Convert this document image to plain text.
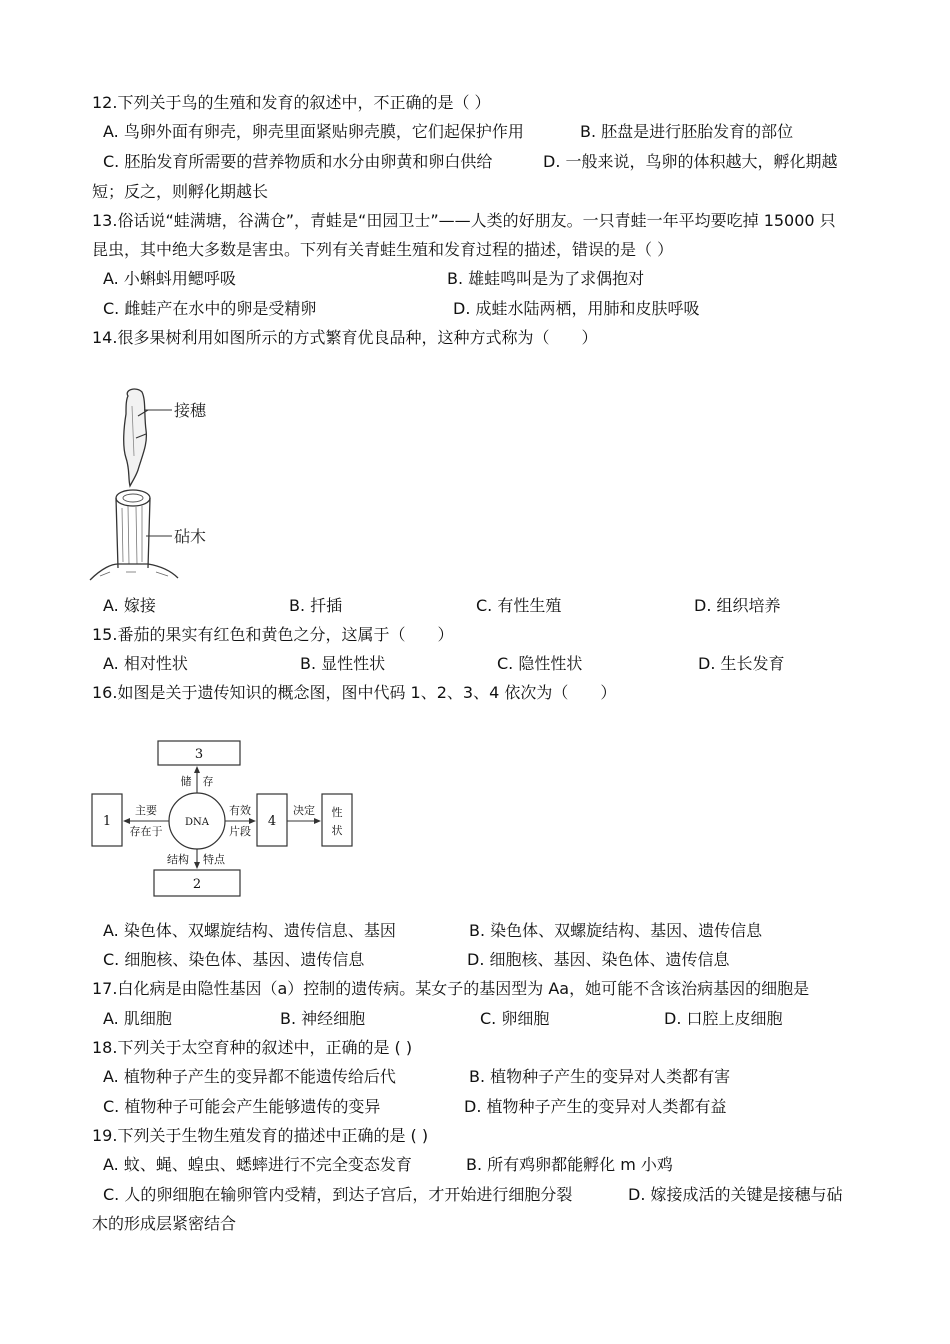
12.下列关于鸟的生殖和发育的叙述中，不正确的是（ ）
A. 鸟卵外面有卵壳，卵壳里面紧贴卵壳膜，它们起保护作用	B. 胚盘是进行胚胎发育的部位
C. 胚胎发育所需要的营养物质和水分由卵黄和卵白供给	D. 一般来说，鸟卵的体积越大，孵化期越
短；反之，则孵化期越长
13.俗话说“蛙满塘，谷满仓”，青蛙是“田园卫士”——人类的好朋友。一只青蛙一年平均要吃掉 15000 只
昆虫，其中绝大多数是害虫。下列有关青蛙生殖和发育过程的描述，错误的是（ ）
A. 小蝌蚪用鳃呼吸	B. 雄蛙鸣叫是为了求偶抱对
C. 雌蛙产在水中的卵是受精卵	D. 成蛙水陆两栖，用肺和皮肤呼吸
14.很多果树利用如图所示的方式繁育优良品种，这种方式称为（　　）
接穗
砧木
A. 嫁接	B. 扦插	C. 有性生殖	D. 组织培养
15.番茄的果实有红色和黄色之分，这属于（　　）
A. 相对性状	B. 显性性状	C. 隐性性状	D. 生长发育
16.如图是关于遗传知识的概念图，图中代码 1、2、3、4 依次为（　　）
3
2
1	4
性
状
DNA
主要
存在于
有效
片段
决定
储 存
结构 特点
A. 染色体、双螺旋结构、遗传信息、基因	B. 染色体、双螺旋结构、基因、遗传信息
C. 细胞核、染色体、基因、遗传信息	D. 细胞核、基因、染色体、遗传信息
17.白化病是由隐性基因（a）控制的遗传病。某女子的基因型为 Aa，她可能不含该治病基因的细胞是
A. 肌细胞	B. 神经细胞	C. 卵细胞	D. 口腔上皮细胞
18.下列关于太空育种的叙述中，正确的是 ( )
A. 植物种子产生的变异都不能遗传给后代	B. 植物种子产生的变异对人类都有害
C. 植物种子可能会产生能够遗传的变异	D. 植物种子产生的变异对人类都有益
19.下列关于生物生殖发育的描述中正确的是 ( )
A. 蚊、蝇、蝗虫、蟋蟀进行不完全变态发育	B. 所有鸡卵都能孵化 m 小鸡
C. 人的卵细胞在输卵管内受精，到达子宫后，才开始进行细胞分裂	D. 嫁接成活的关键是接穗与砧
木的形成层紧密结合
